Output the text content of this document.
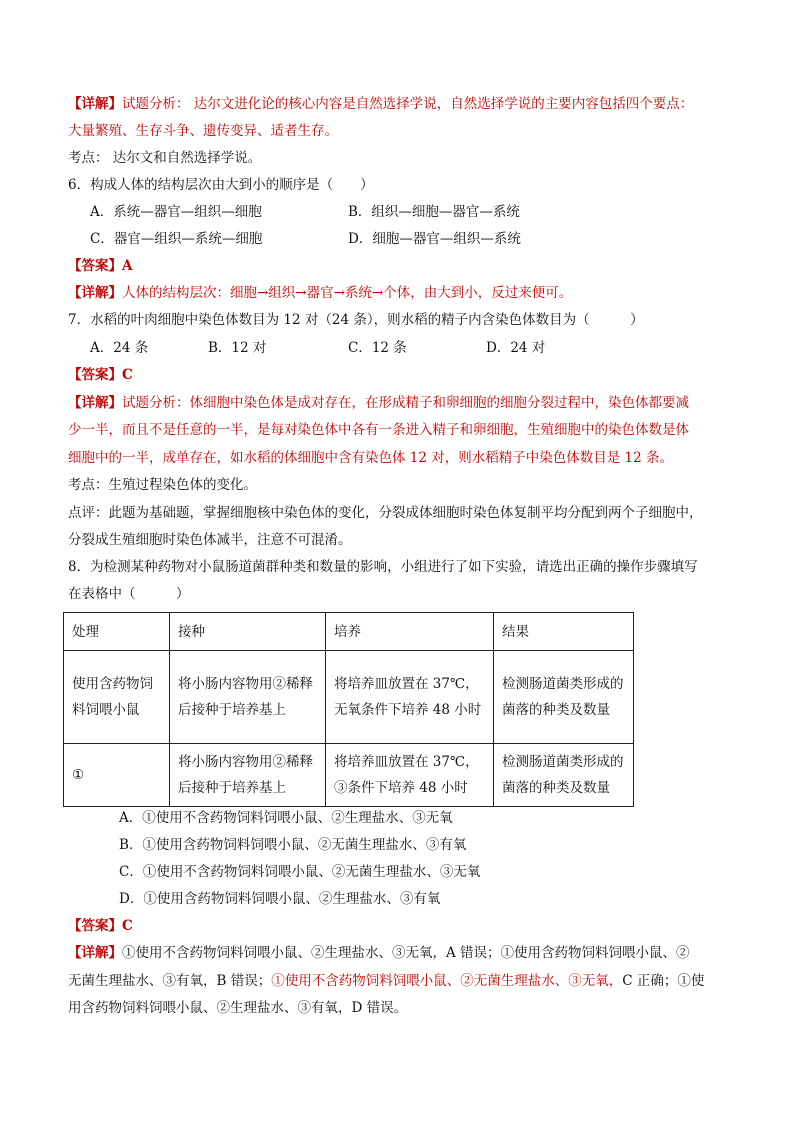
【详解】试题分析： 达尔文进化论的核心内容是自然选择学说，自然选择学说的主要内容包括四个要点：
大量繁殖、生存斗争、遗传变异、适者生存。
考点： 达尔文和自然选择学说。
6．构成人体的结构层次由大到小的顺序是（　　）
A．系统—器官—组织—细胞	B．组织—细胞—器官—系统
C．器官—组织—系统—细胞	D．细胞—器官—组织—系统
【答案】A
【详解】人体的结构层次：细胞→组织→器官→系统→个体，由大到小，反过来便可。
7．水稻的叶肉细胞中染色体数目为 12 对（24 条），则水稻的精子内含染色体数目为（　　　）
A．24 条	B．12 对	C．12 条	D．24 对
【答案】C
【详解】试题分析：体细胞中染色体是成对存在，在形成精子和卵细胞的细胞分裂过程中，染色体都要减
少一半，而且不是任意的一半，是每对染色体中各有一条进入精子和卵细胞，生殖细胞中的染色体数是体
细胞中的一半，成单存在，如水稻的体细胞中含有染色体 12 对，则水稻精子中染色体数目是 12 条。
考点：生殖过程染色体的变化。
点评：此题为基础题，掌握细胞核中染色体的变化，分裂成体细胞时染色体复制平均分配到两个子细胞中，
分裂成生殖细胞时染色体减半，注意不可混淆。
8．为检测某种药物对小鼠肠道菌群种类和数量的影响，小组进行了如下实验，请选出正确的操作步骤填写
在表格中（　　　）
处理	接种	培养	结果
使用含药物饲料饲喂小鼠	将小肠内容物用②稀释后接种于培养基上	将培养皿放置在 37℃，无氧条件下培养 48 小时	检测肠道菌类形成的菌落的种类及数量
①	将小肠内容物用②稀释后接种于培养基上	将培养皿放置在 37℃，③条件下培养 48 小时	检测肠道菌类形成的菌落的种类及数量
A．①使用不含药物饲料饲喂小鼠、②生理盐水、③无氧
B．①使用含药物饲料饲喂小鼠、②无菌生理盐水、③有氧
C．①使用不含药物饲料饲喂小鼠、②无菌生理盐水、③无氧
D．①使用含药物饲料饲喂小鼠、②生理盐水、③有氧
【答案】C
【详解】①使用不含药物饲料饲喂小鼠、②生理盐水、③无氧，A 错误；①使用含药物饲料饲喂小鼠、②
无菌生理盐水、③有氧，B 错误；①使用不含药物饲料饲喂小鼠、②无菌生理盐水、③无氧，C 正确；①使
用含药物饲料饲喂小鼠、②生理盐水、③有氧，D 错误。
